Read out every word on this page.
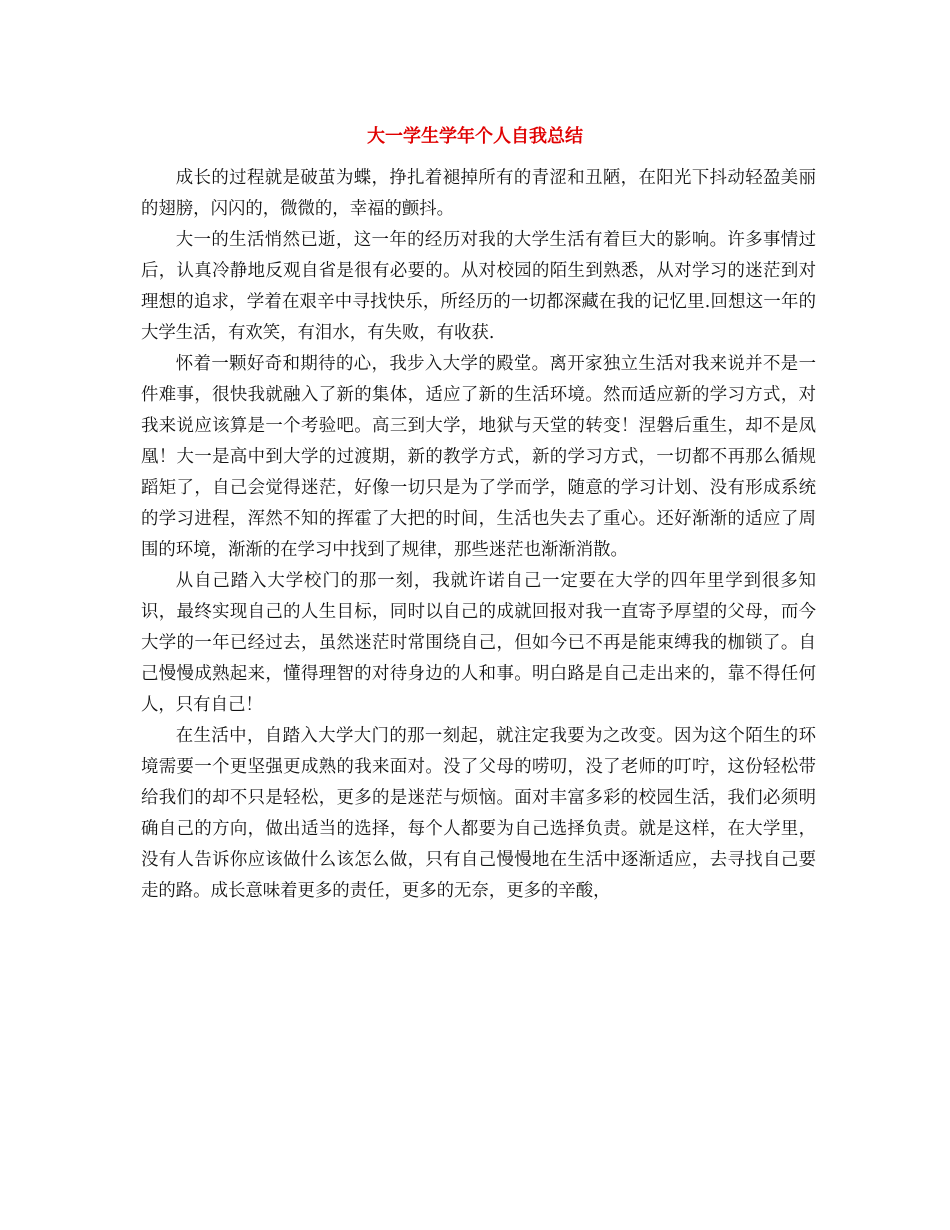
大一学生学年个人自我总结

成长的过程就是破茧为蝶，挣扎着褪掉所有的青涩和丑陋，在阳光下抖动轻盈美丽的翅膀，闪闪的，微微的，幸福的颤抖。

大一的生活悄然已逝，这一年的经历对我的大学生活有着巨大的影响。许多事情过后，认真冷静地反观自省是很有必要的。从对校园的陌生到熟悉，从对学习的迷茫到对理想的追求，学着在艰辛中寻找快乐，所经历的一切都深藏在我的记忆里.回想这一年的大学生活，有欢笑，有泪水，有失败，有收获.

怀着一颗好奇和期待的心，我步入大学的殿堂。离开家独立生活对我来说并不是一件难事，很快我就融入了新的集体，适应了新的生活环境。然而适应新的学习方式，对我来说应该算是一个考验吧。高三到大学，地狱与天堂的转变！涅磐后重生，却不是凤凰！大一是高中到大学的过渡期，新的教学方式，新的学习方式，一切都不再那么循规蹈矩了，自己会觉得迷茫，好像一切只是为了学而学，随意的学习计划、没有形成系统的学习进程，浑然不知的挥霍了大把的时间，生活也失去了重心。还好渐渐的适应了周围的环境，渐渐的在学习中找到了规律，那些迷茫也渐渐消散。

从自己踏入大学校门的那一刻，我就许诺自己一定要在大学的四年里学到很多知识，最终实现自己的人生目标，同时以自己的成就回报对我一直寄予厚望的父母，而今大学的一年已经过去，虽然迷茫时常围绕自己，但如今已不再是能束缚我的枷锁了。自己慢慢成熟起来，懂得理智的对待身边的人和事。明白路是自己走出来的，靠不得任何人，只有自己！

在生活中，自踏入大学大门的那一刻起，就注定我要为之改变。因为这个陌生的环境需要一个更坚强更成熟的我来面对。没了父母的唠叨，没了老师的叮咛，这份轻松带给我们的却不只是轻松，更多的是迷茫与烦恼。面对丰富多彩的校园生活，我们必须明确自己的方向，做出适当的选择，每个人都要为自己选择负责。就是这样，在大学里，没有人告诉你应该做什么该怎么做，只有自己慢慢地在生活中逐渐适应，去寻找自己要走的路。成长意味着更多的责任，更多的无奈，更多的辛酸，
